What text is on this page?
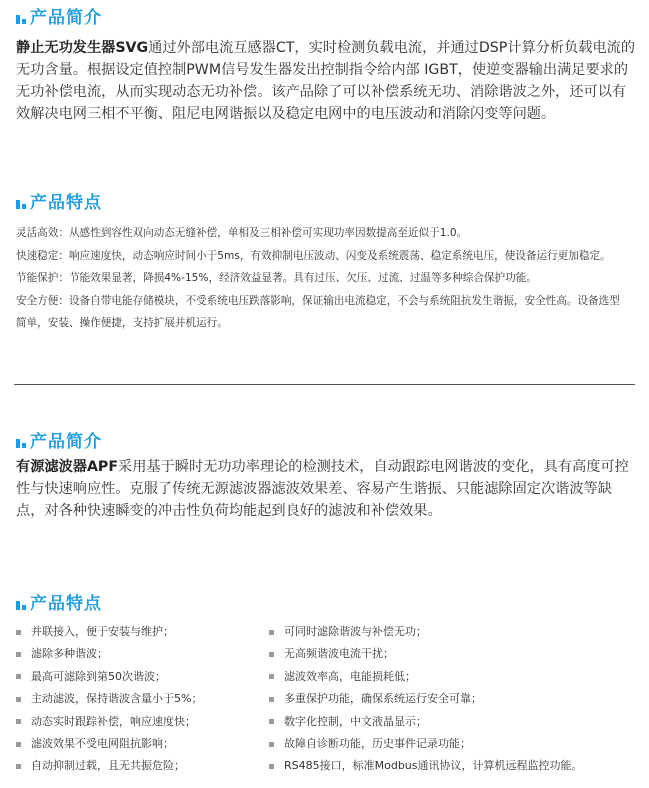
产品简介

静止无功发生器SVG通过外部电流互感器CT，实时检测负载电流，并通过DSP计算分析负载电流的无功含量。根据设定值控制PWM信号发生器发出控制指令给内部 IGBT，使逆变器输出满足要求的无功补偿电流，从而实现动态无功补偿。该产品除了可以补偿系统无功、消除谐波之外，还可以有效解决电网三相不平衡、阻尼电网谐振以及稳定电网中的电压波动和消除闪变等问题。

产品特点

灵活高效：从感性到容性双向动态无缝补偿，单相及三相补偿可实现功率因数提高至近似于1.0。

快速稳定：响应速度快，动态响应时间小于5ms，有效抑制电压波动、闪变及系统震荡、稳定系统电压，使设备运行更加稳定。

节能保护：节能效果显著，降损4%-15%，经济效益显著。具有过压、欠压、过流、过温等多种综合保护功能。

安全方便：设备自带电能存储模块，不受系统电压跌落影响，保证输出电流稳定，不会与系统阻抗发生谐振，安全性高。设备选型简单，安装、操作便捷，支持扩展并机运行。

产品简介

有源滤波器APF采用基于瞬时无功功率理论的检测技术，自动跟踪电网谐波的变化，具有高度可控性与快速响应性。克服了传统无源滤波器滤波效果差、容易产生谐振、只能滤除固定次谐波等缺点，对各种快速瞬变的冲击性负荷均能起到良好的滤波和补偿效果。

产品特点
并联接入，便于安装与维护；
滤除多种谐波；
最高可滤除到第50次谐波；
主动滤波，保持谐波含量小于5%；
动态实时跟踪补偿，响应速度快；
滤波效果不受电网阻抗影响；
自动抑制过载，且无共振危险；
可同时滤除谐波与补偿无功；
无高频谐波电流干扰；
滤波效率高，电能损耗低；
多重保护功能，确保系统运行安全可靠；
数字化控制，中文液晶显示；
故障自诊断功能，历史事件记录功能；
RS485接口，标准Modbus通讯协议，计算机远程监控功能。
